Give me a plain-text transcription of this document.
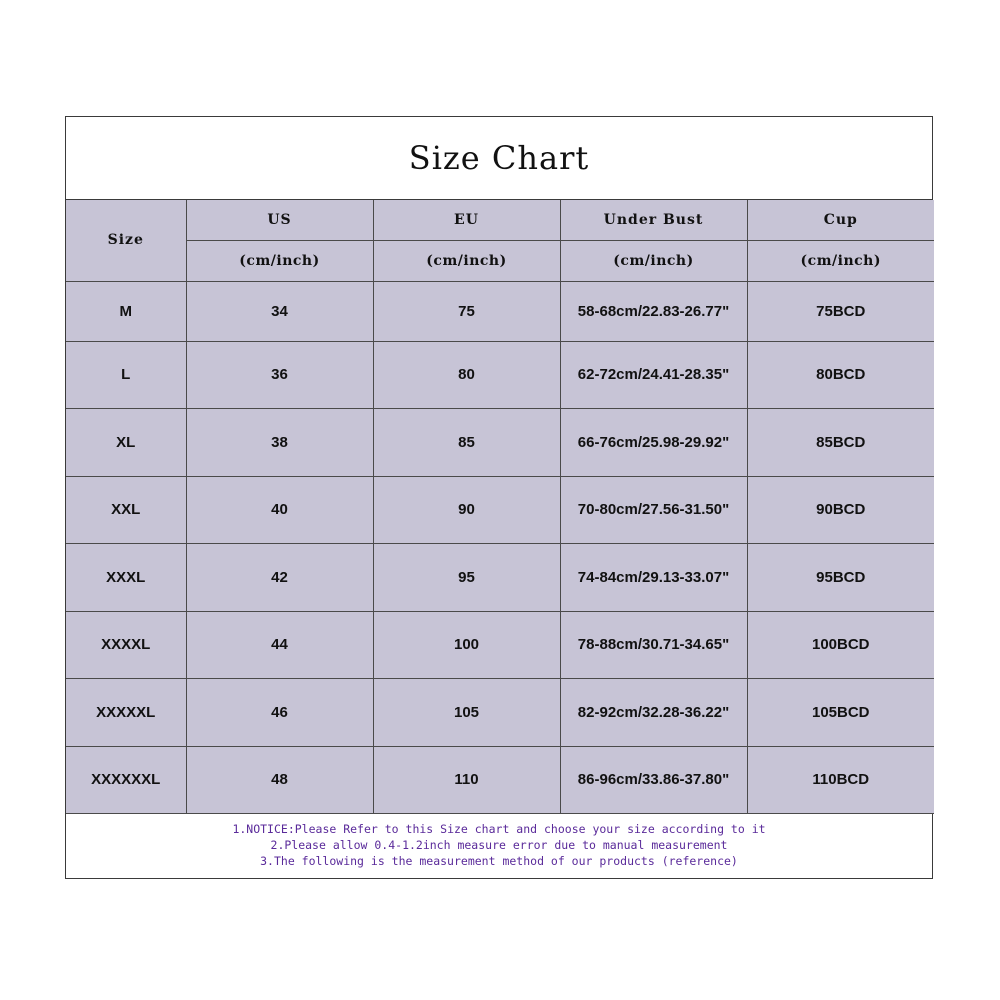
Size Chart
Size	US	EU	Under Bust	Cup
	(cm/inch)	(cm/inch)	(cm/inch)	(cm/inch)
M	34	75	58-68cm/22.83-26.77"	75BCD
L	36	80	62-72cm/24.41-28.35"	80BCD
XL	38	85	66-76cm/25.98-29.92"	85BCD
XXL	40	90	70-80cm/27.56-31.50"	90BCD
XXXL	42	95	74-84cm/29.13-33.07"	95BCD
XXXXL	44	100	78-88cm/30.71-34.65"	100BCD
XXXXXL	46	105	82-92cm/32.28-36.22"	105BCD
XXXXXXL	48	110	86-96cm/33.86-37.80"	110BCD
1.NOTICE:Please Refer to this Size chart and choose your size according to it
2.Please allow 0.4-1.2inch measure error due to manual measurement
3.The following is the measurement method of our products (reference)
